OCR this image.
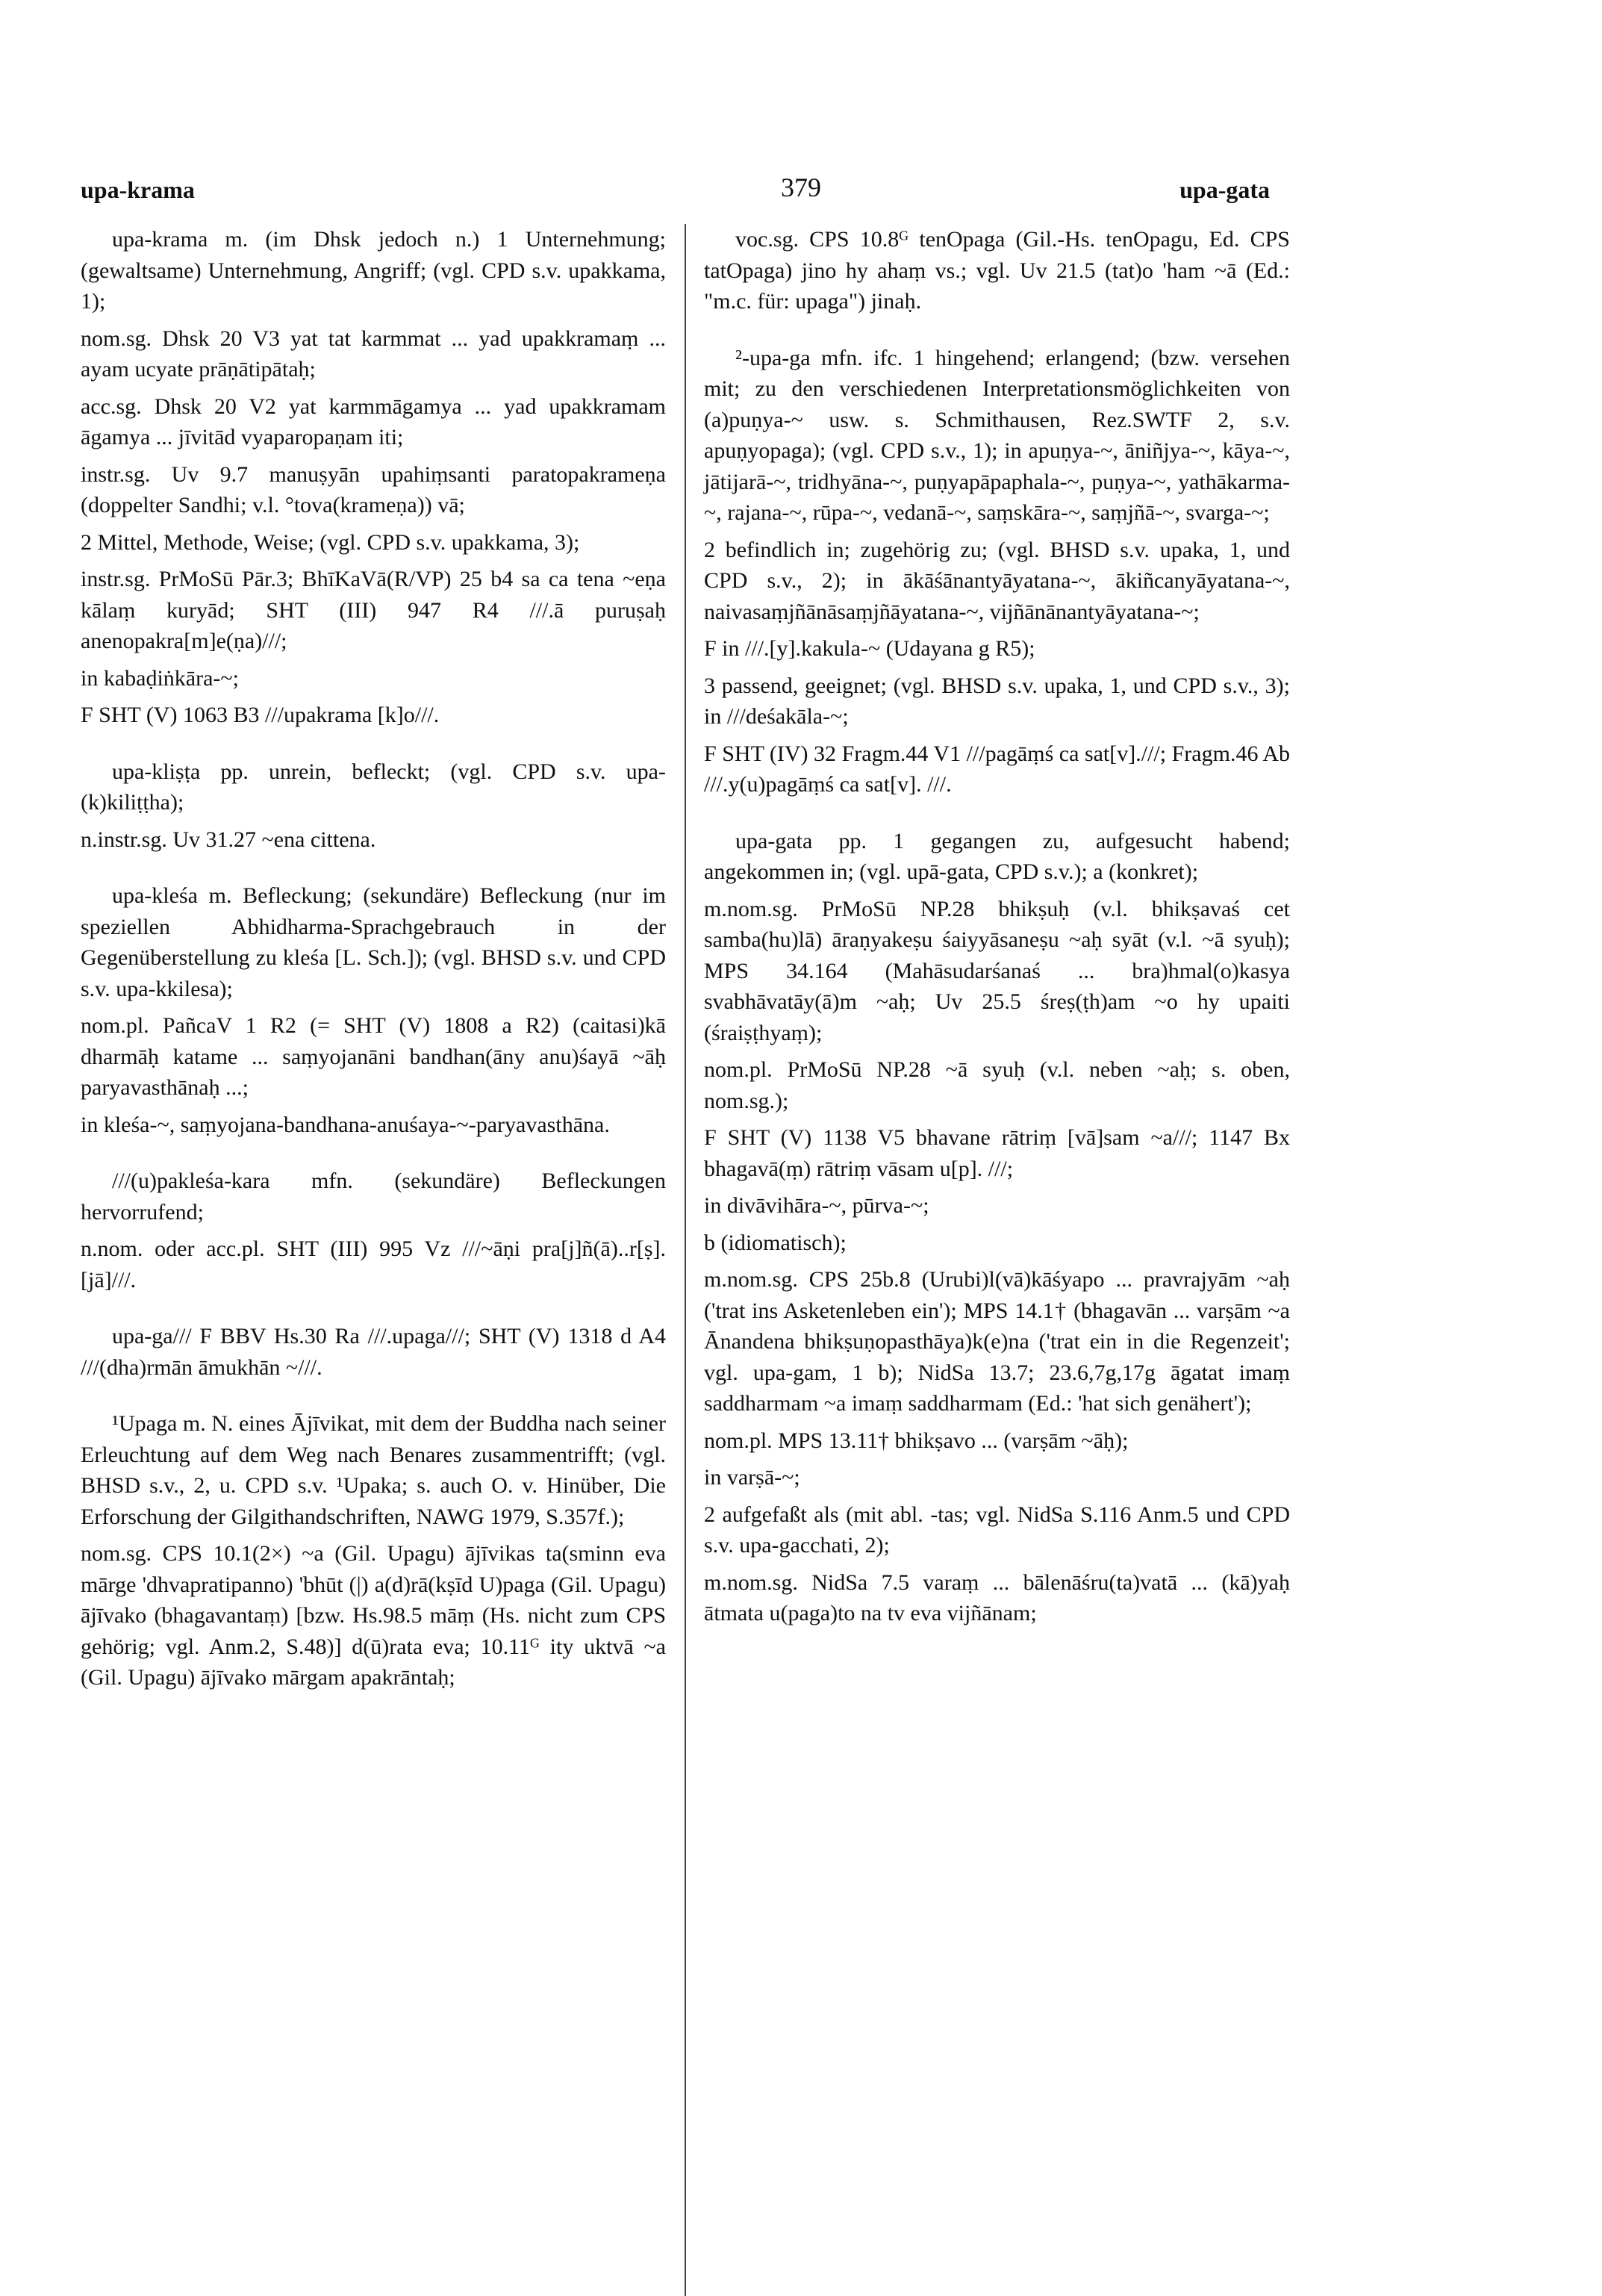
upa-krama	379	upa-gata

upa-krama m. (im Dhsk jedoch n.) 1 Unternehmung; (gewaltsame) Unternehmung, Angriff; (vgl. CPD s.v. upakkama, 1);

nom.sg. Dhsk 20 V3 yat tat karmmat ... yad upakkramaṃ ... ayam ucyate prāṇātipātaḥ;

acc.sg. Dhsk 20 V2 yat karmmāgamya ... yad upakkramam āgamya ... jīvitād vyaparopaṇam iti;

instr.sg. Uv 9.7 manuṣyān upahiṃsanti paratopakrameṇa (doppelter Sandhi; v.l. °tova(krameṇa)) vā;

2 Mittel, Methode, Weise; (vgl. CPD s.v. upakkama, 3);

instr.sg. PrMoSū Pār.3; BhīKaVā(R/VP) 25 b4 sa ca tena ~eṇa kālaṃ kuryād; SHT (III) 947 R4 ///.ā puruṣaḥ anenopakra[m]e(ṇa)///;

in kabaḍiṅkāra-~;

F SHT (V) 1063 B3 ///upakrama [k]o///.

upa-kliṣṭa pp. unrein, befleckt; (vgl. CPD s.v. upa-(k)kiliṭṭha);

n.instr.sg. Uv 31.27 ~ena cittena.

upa-kleśa m. Befleckung; (sekundäre) Befleckung (nur im speziellen Abhidharma-Sprachgebrauch in der Gegenüberstellung zu kleśa [L. Sch.]); (vgl. BHSD s.v. und CPD s.v. upa-kkilesa);

nom.pl. PañcaV 1 R2 (= SHT (V) 1808 a R2) (caitasi)kā dharmāḥ katame ... saṃyojanāni bandhan(āny anu)śayā ~āḥ paryavasthānaḥ ...;

in kleśa-~, saṃyojana-bandhana-anuśaya-~-paryavasthāna.

///(u)pakleśa-kara mfn. (sekundäre) Befleckungen hervorrufend;

n.nom. oder acc.pl. SHT (III) 995 Vz ///~āṇi pra[j]ñ(ā)..r[ṣ].[jā]///.

upa-ga/// F BBV Hs.30 Ra ///.upaga///; SHT (V) 1318 d A4 ///(dha)rmān āmukhān ~///.

¹Upaga m. N. eines Ājīvikat, mit dem der Buddha nach seiner Erleuchtung auf dem Weg nach Benares zusammentrifft; (vgl. BHSD s.v., 2, u. CPD s.v. ¹Upaka; s. auch O. v. Hinüber, Die Erforschung der Gilgithandschriften, NAWG 1979, S.357f.);

nom.sg. CPS 10.1(2×) ~a (Gil. Upagu) ājīvikas ta(sminn eva mārge 'dhvapratipanno) 'bhūt (|) a(d)rā(kṣīd U)paga (Gil. Upagu) ājīvako (bhagavantaṃ) [bzw. Hs.98.5 māṃ (Hs. nicht zum CPS gehörig; vgl. Anm.2, S.48)] d(ū)rata eva; 10.11ᴳ ity uktvā ~a (Gil. Upagu) ājīvako mārgam apakrāntaḥ;

voc.sg. CPS 10.8ᴳ tenOpaga (Gil.-Hs. tenOpagu, Ed. CPS tatOpaga) jino hy ahaṃ vs.; vgl. Uv 21.5 (tat)o 'ham ~ā (Ed.: "m.c. für: upaga") jinaḥ.

²-upa-ga mfn. ifc. 1 hingehend; erlangend; (bzw. versehen mit; zu den verschiedenen Interpretationsmöglichkeiten von (a)puṇya-~ usw. s. Schmithausen, Rez.SWTF 2, s.v. apuṇyopaga); (vgl. CPD s.v., 1); in apuṇya-~, āniñjya-~, kāya-~, jātijarā-~, tridhyāna-~, puṇyapāpaphala-~, puṇya-~, yathākarma-~, rajana-~, rūpa-~, vedanā-~, saṃskāra-~, saṃjñā-~, svarga-~;

2 befindlich in; zugehörig zu; (vgl. BHSD s.v. upaka, 1, und CPD s.v., 2); in ākāśānantyāyatana-~, ākiñcanyāyatana-~, naivasaṃjñānāsaṃjñāyatana-~, vijñānānantyāyatana-~;

F in ///.[y].kakula-~ (Udayana g R5);

3 passend, geeignet; (vgl. BHSD s.v. upaka, 1, und CPD s.v., 3); in ///deśakāla-~;

F SHT (IV) 32 Fragm.44 V1 ///pagāṃś ca sat[v].///; Fragm.46 Ab ///.y(u)pagāṃś ca sat[v]. ///.

upa-gata pp. 1 gegangen zu, aufgesucht habend; angekommen in; (vgl. upā-gata, CPD s.v.); a (konkret);

m.nom.sg. PrMoSū NP.28 bhikṣuḥ (v.l. bhikṣavaś cet samba(hu)lā) āraṇyakeṣu śaiyyāsaneṣu ~aḥ syāt (v.l. ~ā syuḥ); MPS 34.164 (Mahāsudarśanaś ... bra)hmal(o)kasya svabhāvatāy(ā)m ~aḥ; Uv 25.5 śreṣ(ṭh)am ~o hy upaiti (śraiṣṭhyaṃ);

nom.pl. PrMoSū NP.28 ~ā syuḥ (v.l. neben ~aḥ; s. oben, nom.sg.);

F SHT (V) 1138 V5 bhavane rātriṃ [vā]sam ~a///; 1147 Bx bhagavā(ṃ) rātriṃ vāsam u[p]. ///;

in divāvihāra-~, pūrva-~;

b (idiomatisch);

m.nom.sg. CPS 25b.8 (Urubi)l(vā)kāśyapo ... pravrajyām ~aḥ ('trat ins Asketenleben ein'); MPS 14.1† (bhagavān ... varṣām ~a Ānandena bhikṣuṇopasthāya)k(e)na ('trat ein in die Regenzeit'; vgl. upa-gam, 1 b); NidSa 13.7; 23.6,7g,17g āgatat imaṃ saddharmam ~a imaṃ saddharmam (Ed.: 'hat sich genähert');

nom.pl. MPS 13.11† bhikṣavo ... (varṣām ~āḥ);

in varṣā-~;

2 aufgefaßt als (mit abl. -tas; vgl. NidSa S.116 Anm.5 und CPD s.v. upa-gacchati, 2);

m.nom.sg. NidSa 7.5 varaṃ ... bālenāśru(ta)vatā ... (kā)yaḥ ātmata u(paga)to na tv eva vijñānam;
